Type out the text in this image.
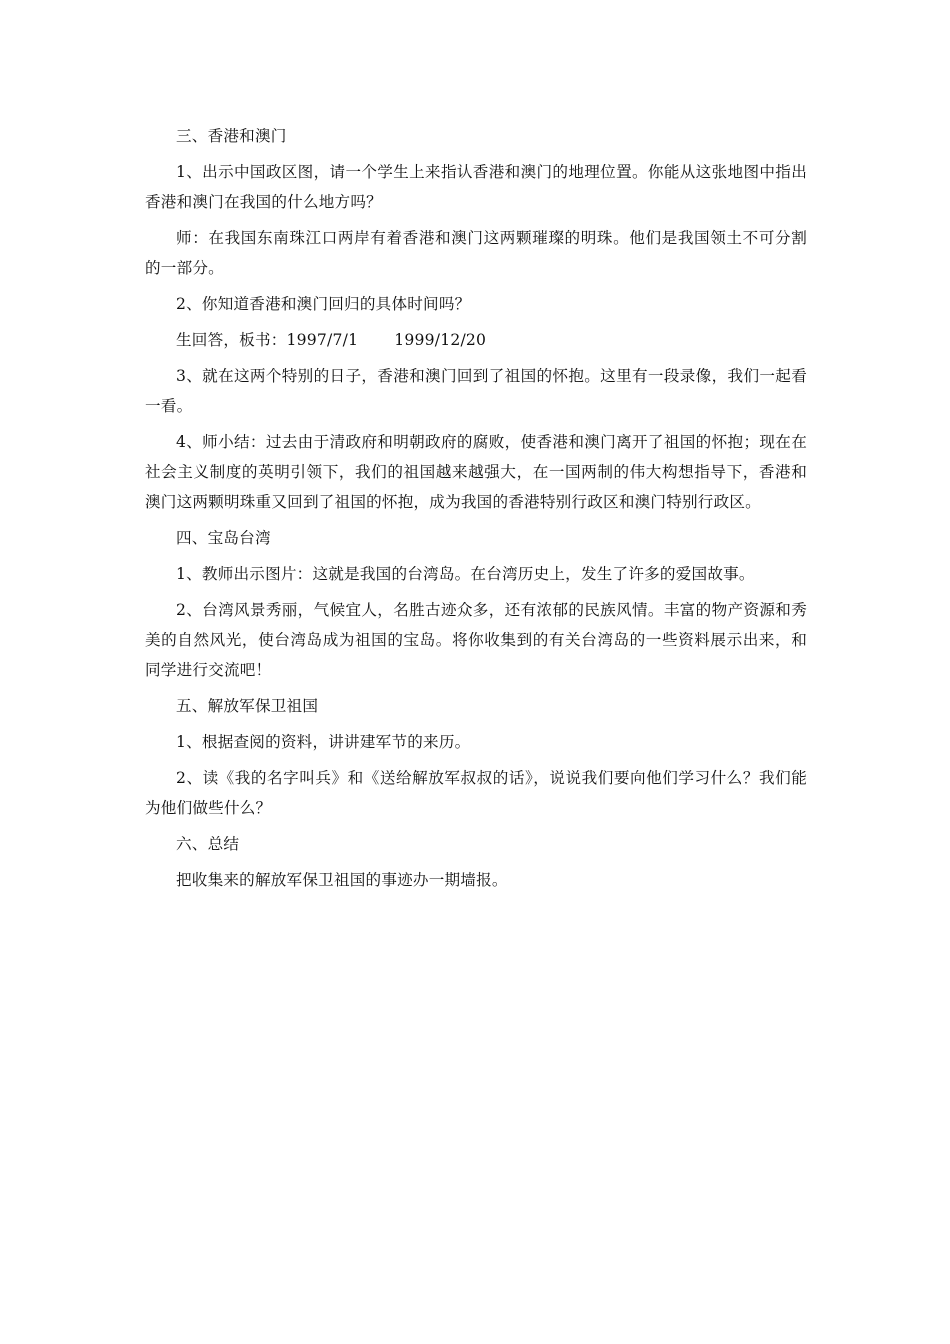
三、香港和澳门

1、出示中国政区图，请一个学生上来指认香港和澳门的地理位置。你能从这张地图中指出香港和澳门在我国的什么地方吗？

师：在我国东南珠江口两岸有着香港和澳门这两颗璀璨的明珠。他们是我国领土不可分割的一部分。

2、你知道香港和澳门回归的具体时间吗？

生回答，板书：1997/7/1       1999/12/20

3、就在这两个特别的日子，香港和澳门回到了祖国的怀抱。这里有一段录像，我们一起看一看。

4、师小结：过去由于清政府和明朝政府的腐败，使香港和澳门离开了祖国的怀抱；现在在社会主义制度的英明引领下，我们的祖国越来越强大，在一国两制的伟大构想指导下，香港和澳门这两颗明珠重又回到了祖国的怀抱，成为我国的香港特别行政区和澳门特别行政区。

四、宝岛台湾

1、教师出示图片：这就是我国的台湾岛。在台湾历史上，发生了许多的爱国故事。

2、台湾风景秀丽，气候宜人，名胜古迹众多，还有浓郁的民族风情。丰富的物产资源和秀美的自然风光，使台湾岛成为祖国的宝岛。将你收集到的有关台湾岛的一些资料展示出来，和同学进行交流吧！

五、解放军保卫祖国

1、根据查阅的资料，讲讲建军节的来历。

2、读《我的名字叫兵》和《送给解放军叔叔的话》，说说我们要向他们学习什么？我们能为他们做些什么？

六、总结

把收集来的解放军保卫祖国的事迹办一期墙报。
